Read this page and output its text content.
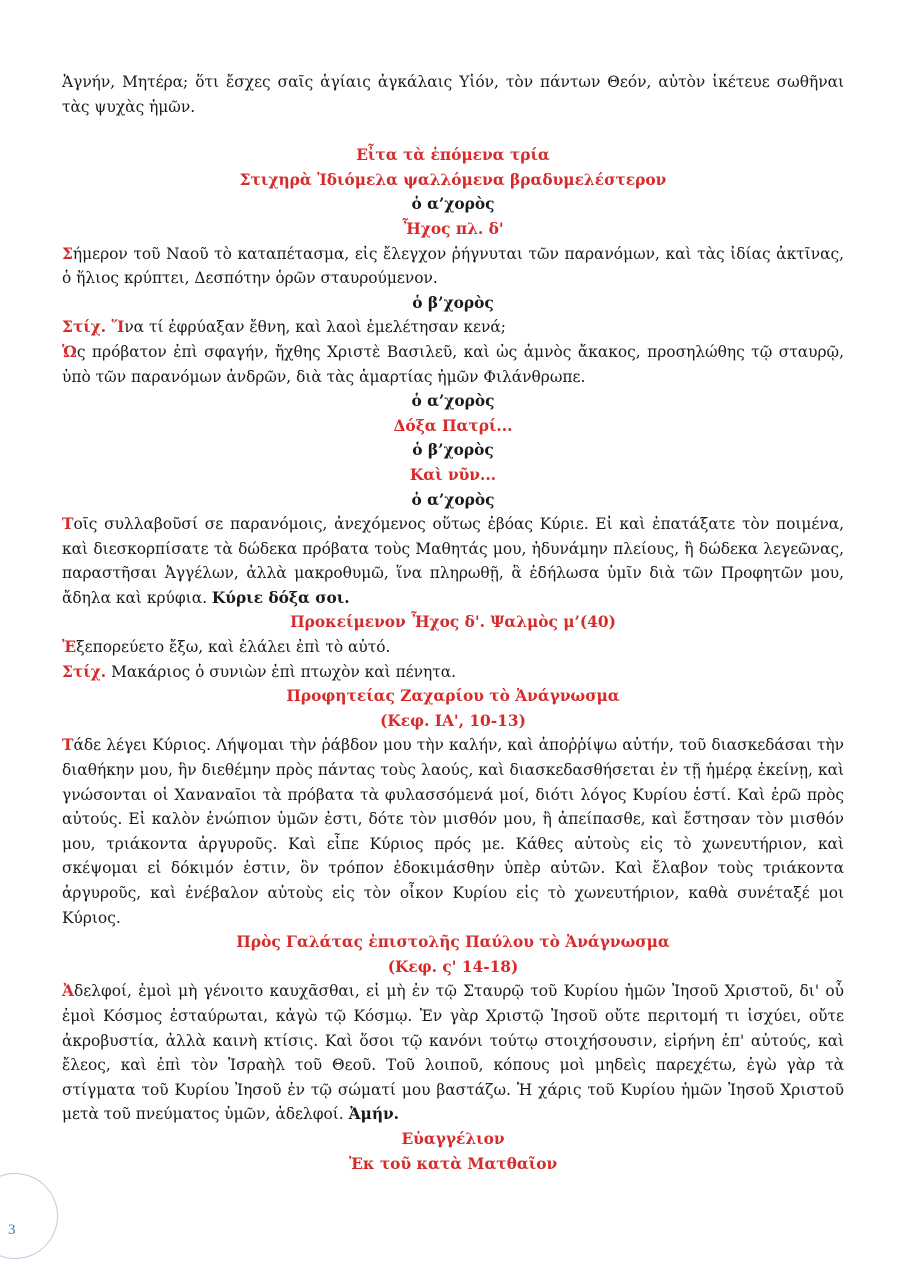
Ἁγνήν, Μητέρα; ὅτι ἔσχες σαῖς ἁγίαις ἀγκάλαις Υἱόν, τὸν πάντων Θεόν, αὐτὸν ἱκέτευε σωθῆναι τὰς ψυχὰς ἡμῶν.

Εἶτα τὰ ἑπόμενα τρία

Στιχηρὰ Ἰδιόμελα ψαλλόμενα βραδυμελέστερον

ὁ α’χορὸς

Ἦχος πλ. δ'

Σήμερον τοῦ Ναοῦ τὸ καταπέτασμα, εἰς ἔλεγχον ῥήγνυται τῶν παρανόμων, καὶ τὰς ἰδίας ἀκτῖνας, ὁ ἥλιος κρύπτει, Δεσπότην ὁρῶν σταυρούμενον.

ὁ β’χορὸς

Στίχ. Ἵνα τί ἐφρύαξαν ἔθνη, καὶ λαοὶ ἐμελέτησαν κενά;

Ὡς πρόβατον ἐπὶ σφαγήν, ἤχθης Χριστὲ Βασιλεῦ, καὶ ὡς ἀμνὸς ἄκακος, προσηλώθης τῷ σταυρῷ, ὑπὸ τῶν παρανόμων ἀνδρῶν, διὰ τὰς ἁμαρτίας ἡμῶν Φιλάνθρωπε.

ὁ α’χορὸς

Δόξα Πατρί...

ὁ β’χορὸς

Καὶ νῦν...

ὁ α’χορὸς

Τοῖς συλλαβοῦσί σε παρανόμοις, ἀνεχόμενος οὕτως ἐβόας Κύριε. Εἰ καὶ ἐπατάξατε τὸν ποιμένα, καὶ διεσκορπίσατε τὰ δώδεκα πρόβατα τοὺς Μαθητάς μου, ἠδυνάμην πλείους, ἢ δώδεκα λεγεῶνας, παραστῆσαι Ἀγγέλων, ἀλλὰ μακροθυμῶ, ἵνα πληρωθῇ, ἃ ἐδήλωσα ὑμῖν διὰ τῶν Προφητῶν μου, ἄδηλα καὶ κρύφια. Κύριε δόξα σοι.

Προκείμενον Ἦχος δ'. Ψαλμὸς μ’(40)

Ἐξεπορεύετο ἔξω, καὶ ἐλάλει ἐπὶ τὸ αὐτό.

Στίχ. Μακάριος ὁ συνιὼν ἐπὶ πτωχὸν καὶ πένητα.

Προφητείας Ζαχαρίου τὸ Ἀνάγνωσμα

(Κεφ. ΙΑ', 10-13)

Τάδε λέγει Κύριος. Λήψομαι τὴν ῥάβδον μου τὴν καλήν, καὶ ἀποῤῥίψω αὐτήν, τοῦ διασκεδάσαι τὴν διαθήκην μου, ἣν διεθέμην πρὸς πάντας τοὺς λαούς, καὶ διασκεδασθήσεται ἐν τῇ ἡμέρᾳ ἐκείνῃ, καὶ γνώσονται οἱ Χαναναῖοι τὰ πρόβατα τὰ φυλασσόμενά μοί, διότι λόγος Κυρίου ἐστί. Καὶ ἐρῶ πρὸς αὐτούς. Εἰ καλὸν ἐνώπιον ὑμῶν ἐστι, δότε τὸν μισθόν μου, ἢ ἀπείπασθε, καὶ ἔστησαν τὸν μισθόν μου, τριάκοντα ἀργυροῦς. Καὶ εἶπε Κύριος πρός με. Κάθες αὐτοὺς εἰς τὸ χωνευτήριον, καὶ σκέψομαι εἰ δόκιμόν ἐστιν, ὃν τρόπον ἐδοκιμάσθην ὑπὲρ αὐτῶν. Καὶ ἔλαβον τοὺς τριάκοντα ἀργυροῦς, καὶ ἐνέβαλον αὐτοὺς εἰς τὸν οἶκον Κυρίου εἰς τὸ χωνευτήριον, καθὰ συνέταξέ μοι Κύριος.

Πρὸς Γαλάτας ἐπιστολῆς Παύλου τὸ Ἀνάγνωσμα

(Κεφ. ς' 14-18)

Ἀδελφοί, ἐμοὶ μὴ γένοιτο καυχᾶσθαι, εἰ μὴ ἐν τῷ Σταυρῷ τοῦ Κυρίου ἡμῶν Ἰησοῦ Χριστοῦ, δι' οὗ ἐμοὶ Κόσμος ἐσταύρωται, κἀγὼ τῷ Κόσμῳ. Ἐν γὰρ Χριστῷ Ἰησοῦ οὔτε περιτομή τι ἰσχύει, οὔτε ἀκροβυστία, ἀλλὰ καινὴ κτίσις. Καὶ ὅσοι τῷ κανόνι τούτῳ στοιχήσουσιν, εἰρήνη ἐπ' αὐτούς, καὶ ἔλεος, καὶ ἐπὶ τὸν Ἰσραὴλ τοῦ Θεοῦ. Τοῦ λοιποῦ, κόπους μοὶ μηδεὶς παρεχέτω, ἐγὼ γὰρ τὰ στίγματα τοῦ Κυρίου Ἰησοῦ ἐν τῷ σώματί μου βαστάζω. Ἡ χάρις τοῦ Κυρίου ἡμῶν Ἰησοῦ Χριστοῦ μετὰ τοῦ πνεύματος ὑμῶν, ἀδελφοί. Ἀμήν.

Εὐαγγέλιον

Ἐκ τοῦ κατὰ Ματθαῖον

3
